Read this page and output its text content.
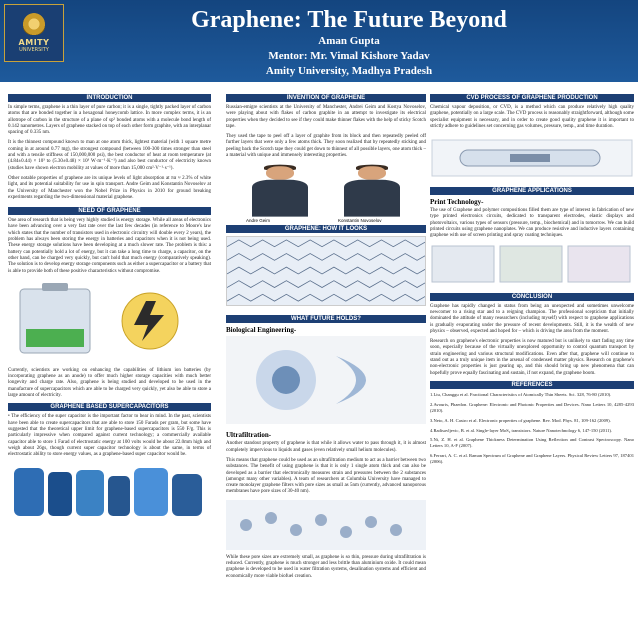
AMITY
UNIVERSITY
Graphene: The Future Beyond
Aman Gupta
Mentor: Mr. Vimal Kishore Yadav
Amity University, Madhya Pradesh
INTRODUCTION
In simple terms, graphene is a thin layer of pure carbon; it is a single, tightly packed layer of carbon atoms that are bonded together in a hexagonal honeycomb lattice. In more complex terms, it is an allotrope of carbon in the structure of a plane of sp² bonded atoms with a molecule bond length of 0.142 nanometres. Layers of graphene stacked on top of each other form graphite, with an interplanar spacing of 0.335 nm.
It is the thinnest compound known to man at one atom thick, lightest material (with 1 square metre coming in at around 0.77 mg), the strongest compound (between 100-300 times stronger than steel and with a tensile stiffness of 150,000,000 psi), the best conductor of heat at room temperature (at (4.84±0.44) × 10³ to (5.30±0.48) × 10³ W·m⁻¹·K⁻¹) and also best conductor of electricity known (studies have shown electron mobility at values of more than 15,000 cm²·V⁻¹·s⁻¹).
Other notable properties of graphene are its unique levels of light absorption at πα ≈ 2.3% of white light, and its potential suitability for use in spin transport. Andre Geim and Konstantin Novoselov at the University of Manchester won the Nobel Prize in Physics in 2010 for ground breaking experiments regarding the two-dimensional material graphene.
NEED OF GRAPHENE
One area of research that is being very highly studied is energy storage. While all areas of electronics have been advancing over a very fast rate over the last few decades (in reference to Moore's law which states that the number of transistors used in electronic circuitry will double every 2 years), the problem has always been storing the energy in batteries and capacitors when it is not being used. These energy storage solutions have been developing at a much slower rate. The problem is this: a battery can potentially hold a lot of energy, but it can take a long time to charge, a capacitor, on the other hand, can be charged very quickly, but can't hold that much energy (comparatively speaking). The solution is to develop energy storage components such as either a supercapacitor or a battery that is able to provide both of these positive characteristics without compromise.
Currently, scientists are working on enhancing the capabilities of lithium ion batteries (by incorporating graphene as an anode) to offer much higher storage capacities with much better longevity and charge rate. Also, graphene is being studied and developed to be used in the manufacture of supercapacitors which are able to be charged very quickly, yet also be able to store a large amount of electricity.
GRAPHENE BASED SUPERCAPACITORS
• The efficiency of the super capacitor is the important factor to bear in mind. In the past, scientists have been able to create supercapacitors that are able to store 150 Farads per gram, but some have suggested that the theoretical upper limit for graphene-based supercapacitors is 550 F/g. This is particularly impressive when compared against current technology; a commercially available capacitor able to store 1 Farad of electrostatic energy at 100 volts would be about 22.0mm high and weigh about 26gs, though current super capacitor technology is about the same, in terms of electrostatic ability to store energy values, as a graphene-based super capacitor would be.
INVENTION OF GRAPHENE
Russian-emigre scientists at the University of Manchester, Andrei Geim and Kostya Novoselov, were playing about with flakes of carbon graphite in an attempt to investigate its electrical properties when they decided to see if they could make thinner flakes with the help of sticky Scotch tape.
They used the tape to peel off a layer of graphite from its block and then repeatedly peeled off further layers that were only a few atoms thick. They soon realized that by repeatedly sticking and peeling back the Scotch tape they could get down to thinnest of all possible layers, one atom thick – a material with unique and immensely interesting properties.
Andre Geim	Konstantin Novoselov
GRAPHENE: HOW IT LOOKS
WHAT FUTURE HOLDS?
Biological Engineering-
Ultrafiltration-
Another standout property of graphene is that while it allows water to pass through it, it is almost completely impervious to liquids and gases (even relatively small helium molecules).
This means that graphene could be used as an ultrafiltration medium to act as a barrier between two substances. The benefit of using graphene is that it is only 1 single atom thick and can also be developed as a barrier that electronically measures strain and pressures between the 2 substances (amongst many other variables). A team of researchers at Columbia University have managed to create monolayer graphene filters with pore sizes as small as 5nm (currently, advanced nanoporous membranes have pore sizes of 30-40 nm).
While these pore sizes are extremely small, as graphene is so thin, pressure during ultrafiltration is reduced. Currently, graphene is much stronger and less brittle than aluminium oxide. It could mean graphene is developed to be used in water filtration systems, desalination systems and efficient and economically more viable biofuel creation.
CVD PROCESS OF GRAPHENE PRODUCTION
Chemical vapour deposition, or CVD, is a method which can produce relatively high quality graphene, potentially on a large scale. The CVD process is reasonably straightforward, although some specialist equipment is necessary, and in order to create good quality graphene it is important to strictly adhere to guidelines set concerning gas volumes, pressure, temp., and time duration.
GRAPHENE APPLICATIONS
Print Technology-
The use of Graphene and polymer compositions filled them are type of interest in fabrication of new type printed electronics circuits, dedicated to transparent electrodes, elastic displays and photovoltaics, various types of sensors (pressure, temp., biochemical) and in tomorrow. We can build printed circuits using graphene nanoplates. We can produce resistive and inductive layers containing graphene with use of screen printing and spray coating techniques.
CONCLUSION
Graphene has rapidly changed in status from being an unexpected and sometimes unwelcome newcomer to a rising star and to a reigning champion. The professional scepticism that initially dominated the attitude of many researchers (including myself) with respect to graphene applications is gradually evaporating under the pressure of recent developments. Still, it is the wealth of new physics – observed, expected and hoped for – which is driving the area from the moment.
Research on graphene's electronic properties is now matured but is unlikely to start fading any time soon, especially because of the virtually unexplored opportunity to control quantum transport by strain engineering and various structural modifications. Even after that, graphene will continue to stand out as a truly unique item in the arsenal of condensed matter physics. Research on graphene's non-electronic properties is just gearing up, and this should bring up new phenomena that can hopefully prove equally fascinating and sustain, if not expand, the graphene boom.
REFERENCES
1.Liu, Changgu et al. Fractional Characteristics of Atomically Thin Sheets. Sci. 328, 76-80 (2010).
2.Avouris, Phaedon. Graphene: Electronic and Photonic Properties and Devices. Nano Letters 10, 4285-4293 (2010).
3.Neto, A. H. Castro et al. Electronic properties of graphene. Rev. Mod. Phys. 81, 109-162 (2009).
4.Radisavljevic, B. et al. Single-layer MoS₂ transistors. Nature Nanotechnology 6, 147-150 (2011).
5.Ni, Z. H. et al. Graphene Thickness Determination Using Reflection and Contrast Spectroscopy. Nano Letters 10, A-F (2007).
6.Ferrari, A. C. et al. Raman Spectrum of Graphene and Graphene Layers. Physical Review Letters 97, 187401 (2006).
